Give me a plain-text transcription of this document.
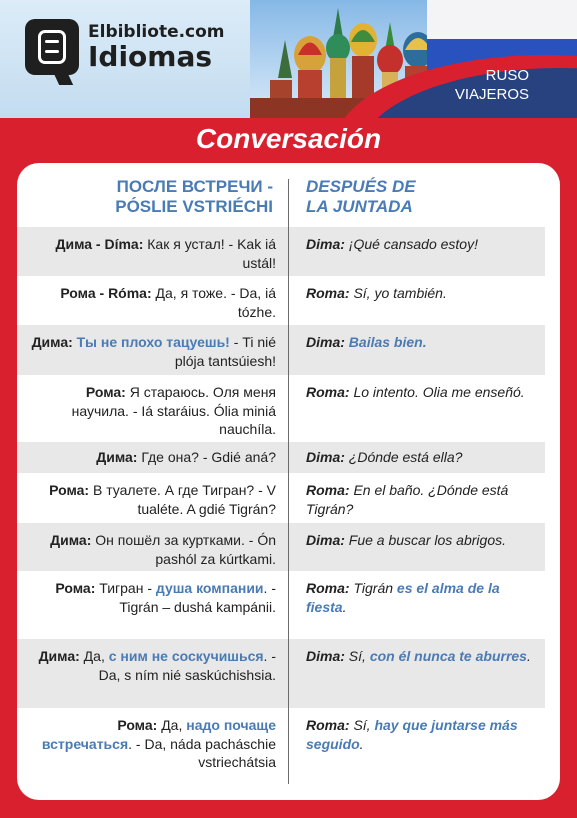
RUSO
VIAJEROS
Elbibliote.com
Idiomas
Conversación
ПОСЛЕ ВСТРЕЧИ -
PÓSLIE VSTRIÉCHI
DESPUÉS DE
LA JUNTADA
Дима - Díma: Как я устал! - Kak iá ustál!
Dima: ¡Qué cansado estoy!
Рома - Róma: Да, я тоже. - Da, iá tózhe.
Roma: Sí, yo también.
Дима: Ты не плохо тацуешь! - Ti nié plója tantsúiesh!
Dima: Bailas bien.
Рома: Я стараюсь. Оля меня научила. - Iá staráius. Ólia miniá nauchíla.
Roma: Lo intento. Olia me enseñó.
Дима: Где она? - Gdié aná? Dima: ¿Dónde está ella?
Рома: В туалете. А где Тигран? - V tualéte. A gdié Tigrán?
Roma: En el baño. ¿Dónde está Tigrán?
Дима: Он пошёл за куртками. - Ón pashól za kúrtkami.
Dima: Fue a buscar los abrigos.
Рома: Тигран - душа компании. - Tigrán – dushá kampánii.
Roma: Tigrán es el alma de la fiesta.
Дима: Да, с ним не соскучишься. - Da, s ním nié saskúchishsia.
Dima: Sí, con él nunca te aburres.
Рома: Да, надо почаще встречаться. - Da, náda pacháschie vstriechátsia
Roma: Sí, hay que juntarse más seguido.
